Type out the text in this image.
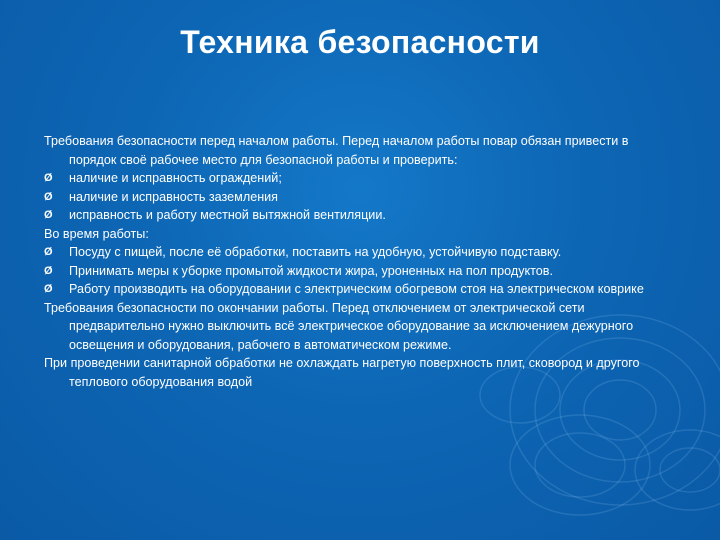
Техника безопасности
Требования безопасности перед началом работы. Перед началом работы повар обязан привести в порядок своё рабочее место для безопасной работы и проверить:
Ø наличие и исправность ограждений;
Ø наличие и исправность заземления
Ø исправность и работу местной вытяжной вентиляции.
Во время работы:
Ø Посуду с пищей, после её обработки, поставить на удобную, устойчивую подставку.
Ø Принимать меры к уборке промытой жидкости жира, уроненных на пол продуктов.
Ø Работу производить на оборудовании с электрическим обогревом стоя на электрическом коврике
Требования безопасности по окончании работы. Перед отключением от электрической сети предварительно нужно выключить всё электрическое оборудование за исключением дежурного освещения и оборудования, рабочего в автоматическом режиме.
При проведении санитарной обработки не охлаждать нагретую поверхность плит, сковород и другого теплового оборудования водой
